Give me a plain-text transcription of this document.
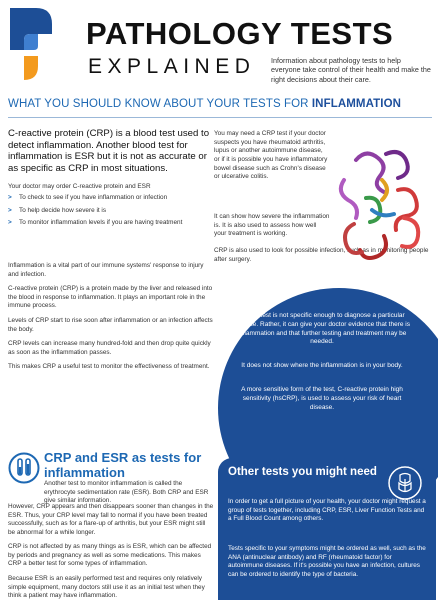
PATHOLOGY TESTS
EXPLAINED Information about pathology tests to help everyone take control of their health and make the right decisions about their care.
WHAT YOU SHOULD KNOW ABOUT YOUR TESTS FOR INFLAMMATION
C-reactive protein (CRP) is a blood test used to detect inflammation. Another blood test for inflammation is ESR but it is not as accurate or as specific as CRP in most situations.
Your doctor may order C-reactive protein and ESR
> To check to see if you have inflammation or infection
> To help decide how severe it is
> To monitor inflammation levels if you are having treatment
Inflammation is a vital part of our immune systems' response to injury and infection.
C-reactive protein (CRP) is a protein made by the liver and released into the blood in response to inflammation. It plays an important role in the immune process.
Levels of CRP start to rise soon after inflammation or an infection affects the body.
CRP levels can increase many hundred-fold and then drop quite quickly as soon as the inflammation passes.
This makes CRP a useful test to monitor the effectiveness of treatment.
CRP and ESR as tests for inflammation
Another test to monitor inflammation is called the erythrocyte sedimentation rate (ESR). Both CRP and ESR give similar information.
However, CRP appears and then disappears sooner than changes in the ESR. Thus, your CRP level may fall to normal if you have been treated successfully, such as for a flare-up of arthritis, but your ESR might still be abnormal for a while longer.
CRP is not affected by as many things as is ESR, which can be affected by periods and pregnancy as well as some medications. This makes CRP a better test for some types of inflammation.
Because ESR is an easily performed test and requires only relatively simple equipment, many doctors still use it as an initial test when they think a patient may have inflammation.
You may need a CRP test if your doctor suspects you have rheumatoid arthritis, lupus or another autoimmune disease, or if it is possible you have inflammatory bowel disease such as Crohn's disease or ulcerative colitis.
It can show how severe the inflammation is. It is also used to assess how well your treatment is working.
CRP is also used to look for possible infection, such as in monitoring people after surgery.
A CRP test is not specific enough to diagnose a particular disease. Rather, it can give your doctor evidence that there is inflammation and that further testing and treatment may be needed.
It does not show where the inflammation is in your body.
A more sensitive form of the test, C-reactive protein high sensitivity (hsCRP), is used to assess your risk of heart disease.
Other tests you might need
In order to get a full picture of your health, your doctor might request a group of tests together, including CRP, ESR, Liver Function Tests and a Full Blood Count among others.
Tests specific to your symptoms might be ordered as well, such as the ANA (antinuclear antibody) and RF (rheumatoid factor) for autoimmune diseases. If it's possible you have an infection, cultures can be ordered to identify the type of bacteria.
